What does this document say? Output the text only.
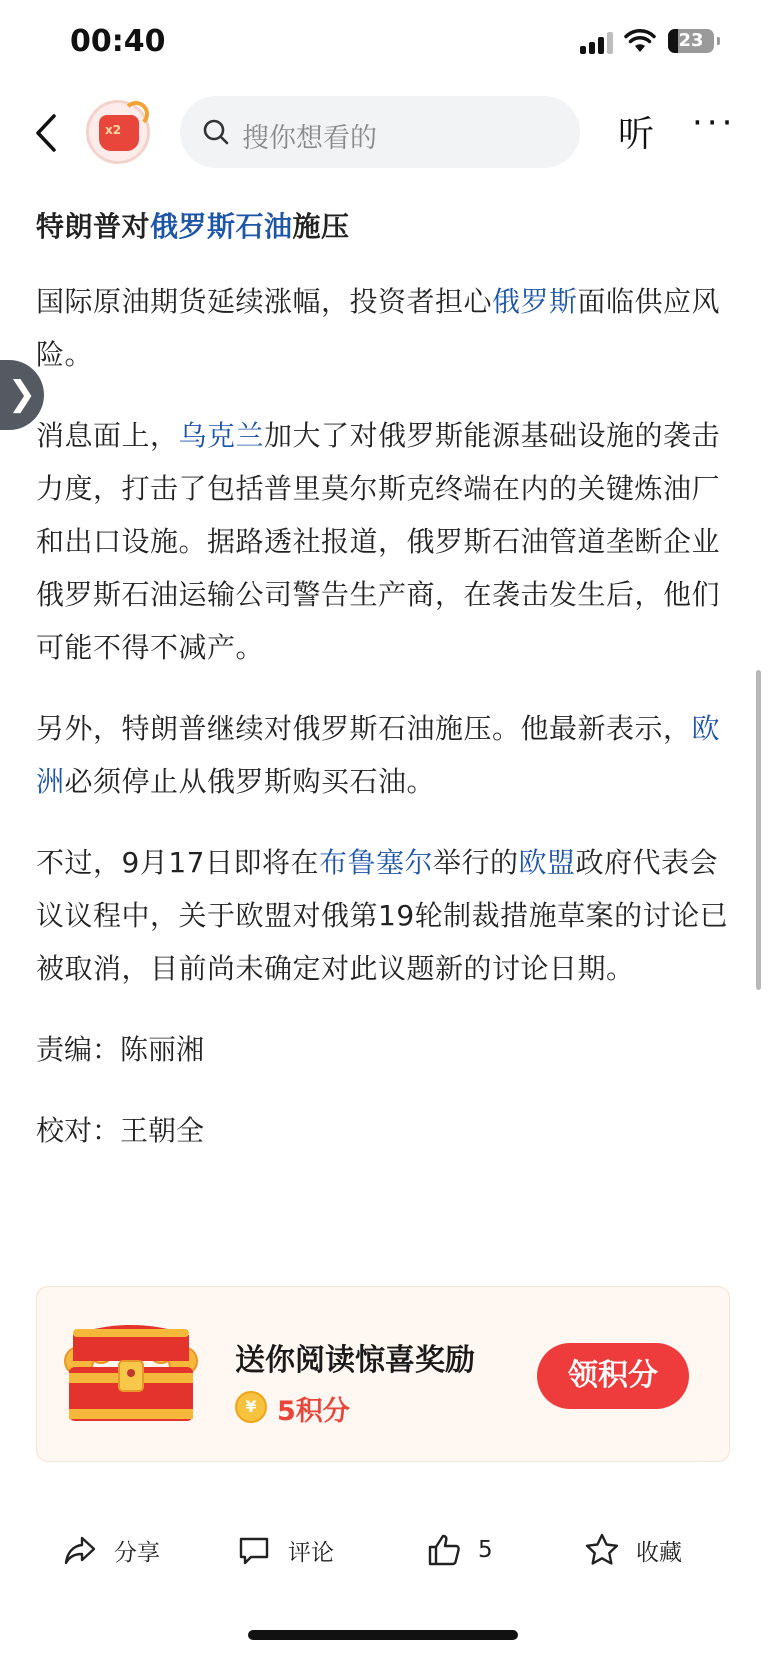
00:40	23
x2	搜你想看的	听 ···
❯

特朗普对俄罗斯石油施压

国际原油期货延续涨幅，投资者担心俄罗斯面临供应风险。

消息面上，乌克兰加大了对俄罗斯能源基础设施的袭击力度，打击了包括普里莫尔斯克终端在内的关键炼油厂和出口设施。据路透社报道，俄罗斯石油管道垄断企业俄罗斯石油运输公司警告生产商，在袭击发生后，他们可能不得不减产。

另外，特朗普继续对俄罗斯石油施压。他最新表示，欧洲必须停止从俄罗斯购买石油。

不过，9月17日即将在布鲁塞尔举行的欧盟政府代表会议议程中，关于欧盟对俄第19轮制裁措施草案的讨论已被取消，目前尚未确定对此议题新的讨论日期。

责编：陈丽湘

校对：王朝全

送你阅读惊喜奖励
¥ 5积分
领积分
分享	评论	5	收藏
